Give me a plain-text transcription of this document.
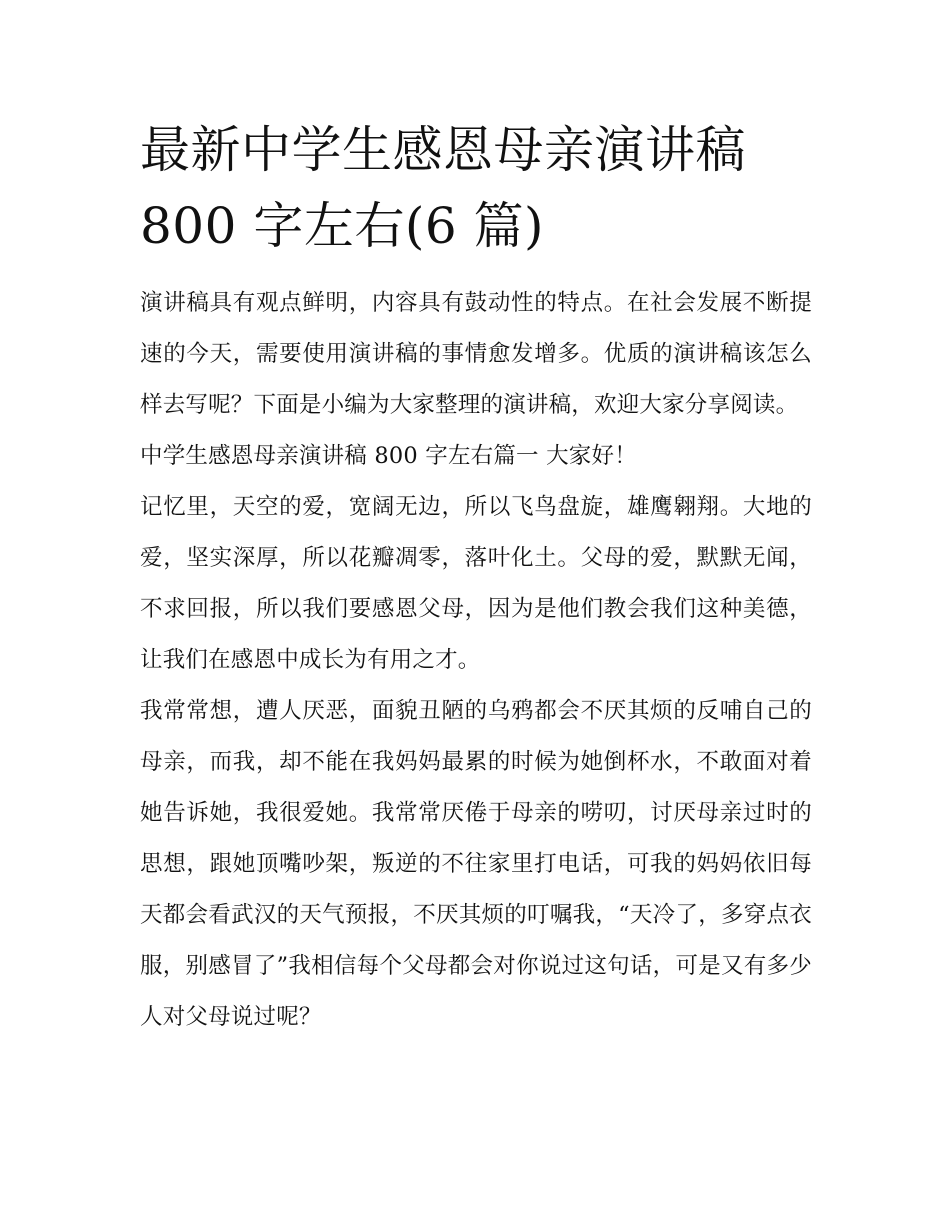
最新中学生感恩母亲演讲稿
800 字左右(6 篇)

演讲稿具有观点鲜明，内容具有鼓动性的特点。在社会发展不断提速的今天，需要使用演讲稿的事情愈发增多。优质的演讲稿该怎么样去写呢？下面是小编为大家整理的演讲稿，欢迎大家分享阅读。

中学生感恩母亲演讲稿 800 字左右篇一 大家好！

记忆里，天空的爱，宽阔无边，所以飞鸟盘旋，雄鹰翱翔。大地的爱，坚实深厚，所以花瓣凋零，落叶化土。父母的爱，默默无闻，不求回报，所以我们要感恩父母，因为是他们教会我们这种美德，让我们在感恩中成长为有用之才。

我常常想，遭人厌恶，面貌丑陋的乌鸦都会不厌其烦的反哺自己的母亲，而我，却不能在我妈妈最累的时候为她倒杯水，不敢面对着她告诉她，我很爱她。我常常厌倦于母亲的唠叨，讨厌母亲过时的思想，跟她顶嘴吵架，叛逆的不往家里打电话，可我的妈妈依旧每天都会看武汉的天气预报，不厌其烦的叮嘱我，“天冷了，多穿点衣服，别感冒了”我相信每个父母都会对你说过这句话，可是又有多少人对父母说过呢？
